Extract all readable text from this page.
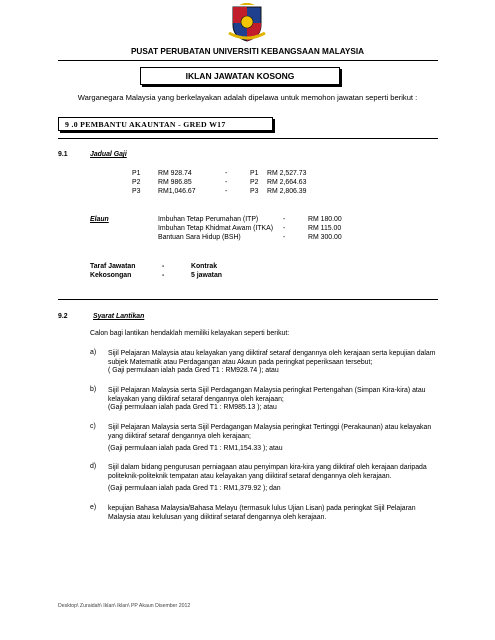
PUSAT PERUBATAN UNIVERSITI KEBANGSAAN MALAYSIA
IKLAN JAWATAN KOSONG
Warganegara Malaysia yang berkelayakan adalah dipelawa untuk memohon jawatan seperti berikut :
9 .0 PEMBANTU AKAUNTAN - GRED W17
9.1	Jadual Gaji
P1	RM 928.74	-	P1 RM 2,527.73
P2	RM 986.85	-	P2 RM 2,664.63
P3	RM1,046.67	-	P3 RM 2,806.39
Elaun	Imbuhan Tetap Perumahan (ITP)	-	RM 180.00
Imbuhan Tetap Khidmat Awam (ITKA) -	RM 115.00
Bantuan Sara Hidup (BSH)	-	RM 300.00
Taraf Jawatan	-	Kontrak
Kekosongan	-	5 jawatan
9.2	Syarat Lantikan
Calon bagi lantikan hendaklah memiliki kelayakan seperti berikut:
a) Sijil Pelajaran Malaysia atau kelayakan yang diiktiraf setaraf dengannya oleh kerajaan serta kepujian dalam subjek Matematik atau Perdagangan atau Akaun pada peringkat peperiksaan tersebut;
( Gaji permulaan ialah pada Gred T1 : RM928.74 ); atau
b) Sijil Pelajaran Malaysia serta Sijil Perdagangan Malaysia peringkat Pertengahan (Simpan Kira-kira) atau kelayakan yang diiktiraf setaraf dengannya oleh kerajaan;
(Gaji permulaan ialah pada Gred T1 : RM985.13 ); atau
c) Sijil Pelajaran Malaysia serta Sijil Perdagangan Malaysia peringkat Tertinggi (Perakaunan) atau kelayakan yang diiktiraf setaraf dengannya oleh kerajaan;
(Gaji permulaan ialah pada Gred T1 : RM1,154.33 ); atau
d) Sijil dalam bidang pengurusan perniagaan atau penyimpan kira-kira yang diiktiraf oleh kerajaan daripada politeknik-politeknik tempatan atau kelayakan yang diiktiraf setaraf dengannya oleh kerajaan.
(Gaji permulaan ialah pada Gred T1 : RM1,379.92 ); dan
e) kepujian Bahasa Malaysia/Bahasa Melayu (termasuk lulus Ujian Lisan) pada peringkat Sijil Pelajaran Malaysia atau kelulusan yang diiktiraf setaraf dengannya oleh kerajaan.
Desktop\ Zuraidah\ Iklan\ Iklan\ PP Akaun Disember 2012
